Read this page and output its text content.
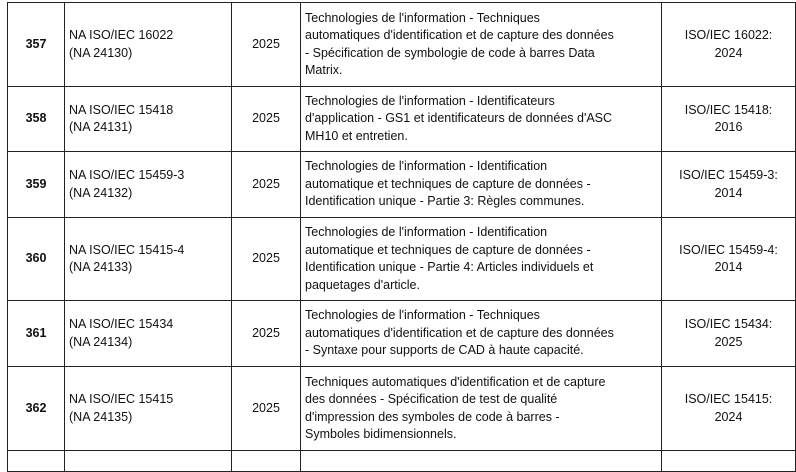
357	NA ISO/IEC 16022
(NA 24130)	2025	Technologies de l'information - Techniques
automatiques d'identification et de capture des données
- Spécification de symbologie de code à barres Data
Matrix.	ISO/IEC 16022:
2024

358	NA ISO/IEC 15418
(NA 24131)	2025	Technologies de l'information - Identificateurs
d'application - GS1 et identificateurs de données d'ASC
MH10 et entretien.	ISO/IEC 15418:
2016

359	NA ISO/IEC 15459-3
(NA 24132)	2025	Technologies de l'information - Identification
automatique et techniques de capture de données -
Identification unique - Partie 3: Règles communes.	ISO/IEC 15459-3:
2014

360	NA ISO/IEC 15415-4
(NA 24133)	2025	Technologies de l'information - Identification
automatique et techniques de capture de données -
Identification unique - Partie 4: Articles individuels et
paquetages d'article.	ISO/IEC 15459-4:
2014

361	NA ISO/IEC 15434
(NA 24134)	2025	Technologies de l'information - Techniques
automatiques d'identification et de capture des données
- Syntaxe pour supports de CAD à haute capacité.	ISO/IEC 15434:
2025

362	NA ISO/IEC 15415
(NA 24135)	2025	Techniques automatiques d'identification et de capture
des données - Spécification de test de qualité
d'impression des symboles de code à barres -
Symboles bidimensionnels.	ISO/IEC 15415:
2024
